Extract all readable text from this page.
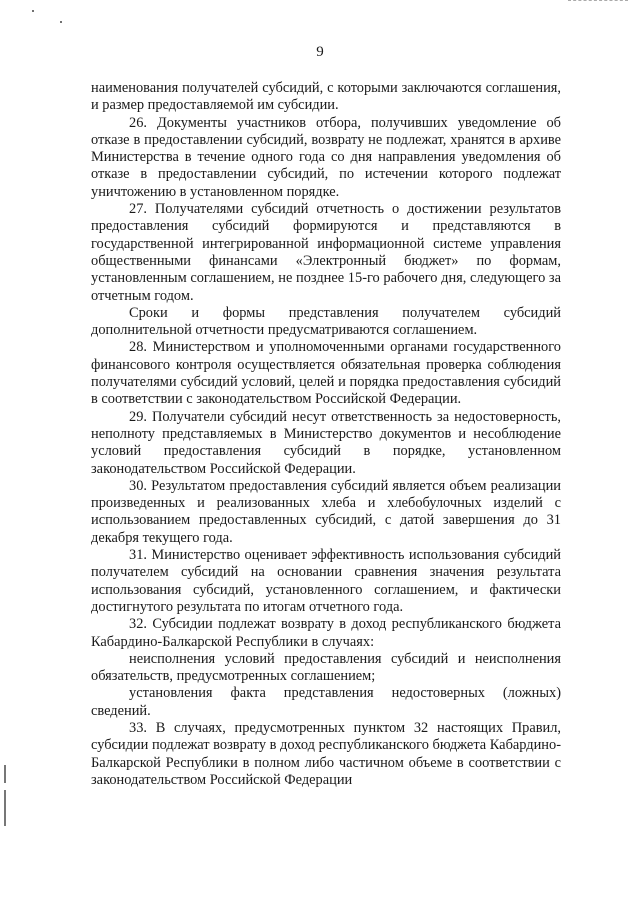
9

наименования получателей субсидий, с которыми заключаются соглашения, и размер предоставляемой им субсидии.

26. Документы участников отбора, получивших уведомление об отказе в предоставлении субсидий, возврату не подлежат, хранятся в архиве Министерства в течение одного года со дня направления уведомления об отказе в предоставлении субсидий, по истечении которого подлежат уничтожению в установленном порядке.

27. Получателями субсидий отчетность о достижении результатов предоставления субсидий формируются и представляются в государственной интегрированной информационной системе управления общественными финансами «Электронный бюджет» по формам, установленным соглашением, не позднее 15-го рабочего дня, следующего за отчетным годом.

Сроки и формы представления получателем субсидий дополнительной отчетности предусматриваются соглашением.

28. Министерством и уполномоченными органами государственного финансового контроля осуществляется обязательная проверка соблюдения получателями субсидий условий, целей и порядка предоставления субсидий в соответствии с законодательством Российской Федерации.

29. Получатели субсидий несут ответственность за недостоверность, неполноту представляемых в Министерство документов и несоблюдение условий предоставления субсидий в порядке, установленном законодательством Российской Федерации.

30. Результатом предоставления субсидий является объем реализации произведенных и реализованных хлеба и хлебобулочных изделий с использованием предоставленных субсидий, с датой завершения до 31 декабря текущего года.

31. Министерство оценивает эффективность использования субсидий получателем субсидий на основании сравнения значения результата использования субсидий, установленного соглашением, и фактически достигнутого результата по итогам отчетного года.

32. Субсидии подлежат возврату в доход республиканского бюджета Кабардино-Балкарской Республики в случаях:

неисполнения условий предоставления субсидий и неисполнения обязательств, предусмотренных соглашением;

установления факта представления недостоверных (ложных) сведений.

33. В случаях, предусмотренных пунктом 32 настоящих Правил, субсидии подлежат возврату в доход республиканского бюджета Кабардино-Балкарской Республики в полном либо частичном объеме в соответствии с законодательством Российской Федерации
